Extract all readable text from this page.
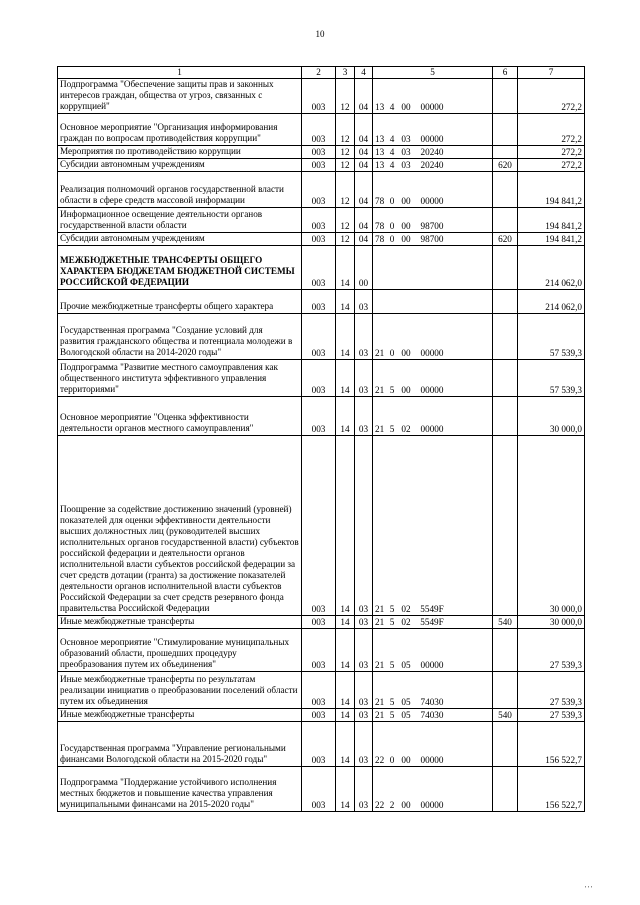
10
1	2	3	4	5	6	7
Подпрограмма "Обеспечение защиты прав и законных интересов граждан, общества от угроз, связанных с коррупцией"	003	12	04	13 4 00 00000		272,2
Основное мероприятие "Организация информирования граждан по вопросам противодействия коррупции"	003	12	04	13 4 03 00000		272,2
Мероприятия по противодействию коррупции	003	12	04	13 4 03 20240		272,2
Субсидии автономным учреждениям	003	12	04	13 4 03 20240	620	272,2
Реализация полномочий органов государственной власти области в сфере средств массовой информации	003	12	04	78 0 00 00000		194 841,2
Информационное освещение деятельности органов государственной власти области	003	12	04	78 0 00 98700		194 841,2
Субсидии автономным учреждениям	003	12	04	78 0 00 98700	620	194 841,2
МЕЖБЮДЖЕТНЫЕ ТРАНСФЕРТЫ ОБЩЕГО ХАРАКТЕРА БЮДЖЕТАМ БЮДЖЕТНОЙ СИСТЕМЫ РОССИЙСКОЙ ФЕДЕРАЦИИ	003	14	00			214 062,0
Прочие межбюджетные трансферты общего характера	003	14	03			214 062,0
Государственная программа "Создание условий для развития гражданского общества и потенциала молодежи в Вологодской области на 2014-2020 годы"	003	14	03	21 0 00 00000		57 539,3
Подпрограмма "Развитие местного самоуправления как общественного института эффективного управления территориями"	003	14	03	21 5 00 00000		57 539,3
Основное мероприятие "Оценка эффективности деятельности органов местного самоуправления"	003	14	03	21 5 02 00000		30 000,0
Поощрение за содействие достижению значений (уровней) показателей для оценки эффективности деятельности высших должностных лиц (руководителей высших исполнительных органов государственной власти) субъектов российской федерации и деятельности органов исполнительной власти субъектов российской федерации за счет средств дотации (гранта) за достижение показателей деятельности органов исполнительной власти субъектов Российской Федерации за счет средств резервного фонда правительства Российской Федерации	003	14	03	21 5 02 5549F		30 000,0
Иные межбюджетные трансферты	003	14	03	21 5 02 5549F	540	30 000,0
Основное мероприятие "Стимулирование муниципальных образований области, прошедших процедуру преобразования путем их объединения"	003	14	03	21 5 05 00000		27 539,3
Иные межбюджетные трансферты по результатам реализации инициатив о преобразовании поселений области путем их объединения	003	14	03	21 5 05 74030		27 539,3
Иные межбюджетные трансферты	003	14	03	21 5 05 74030	540	27 539,3
Государственная программа "Управление региональными финансами Вологодской области на 2015-2020 годы"	003	14	03	22 0 00 00000		156 522,7
Подпрограмма "Поддержание устойчивого исполнения местных бюджетов и повышение качества управления муниципальными финансами на 2015-2020 годы"	003	14	03	22 2 00 00000		156 522,7
' ' '
